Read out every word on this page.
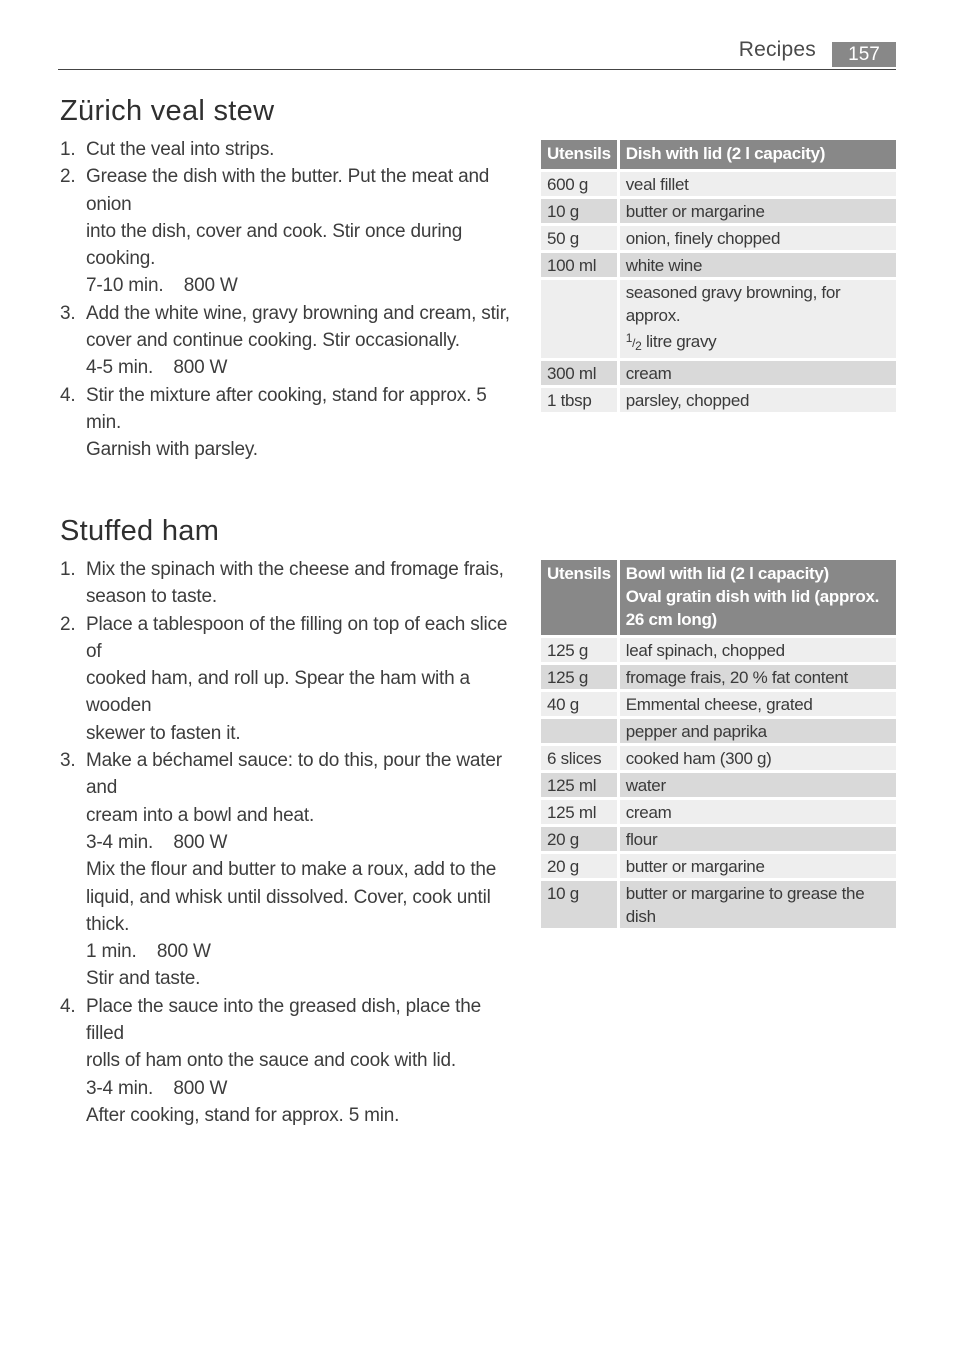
Recipes	157
Zürich veal stew
1. Cut the veal into strips.
2. Grease the dish with the butter. Put the meat and onion
into the dish, cover and cook. Stir once during cooking.
7-10 min.    800 W
3. Add the white wine, gravy browning and cream, stir,
cover and continue cooking. Stir occasionally.
4-5 min.    800 W
4. Stir the mixture after cooking, stand for approx. 5 min.
Garnish with parsley.
Utensils	Dish with lid (2 l capacity)

600 g	veal fillet
10 g	butter or margarine
50 g	onion, finely chopped
100 ml	white wine

	seasoned gravy browning, for approx.
$^1$/2 litre gravy

300 ml	cream
1 tbsp	parsley, chopped
Stuffed ham
1. Mix the spinach with the cheese and fromage frais,
season to taste.
2. Place a tablespoon of the filling on top of each slice of
cooked ham, and roll up. Spear the ham with a wooden
skewer to fasten it.
3. Make a béchamel sauce: to do this, pour the water and
cream into a bowl and heat.
3-4 min.    800 W
Mix the flour and butter to make a roux, add to the
liquid, and whisk until dissolved. Cover, cook until thick.
1 min.    800 W
Stir and taste.
4. Place the sauce into the greased dish, place the filled
rolls of ham onto the sauce and cook with lid.
3-4 min.    800 W
After cooking, stand for approx. 5 min.
Utensils	Bowl with lid (2 l capacity)
Oval gratin dish with lid (approx.
26 cm long)

125 g	leaf spinach, chopped
125 g	fromage frais, 20 % fat content
40 g	Emmental cheese, grated
	pepper and paprika
6 slices	cooked ham (300 g)
125 ml	water
125 ml	cream
20 g	flour
20 g	butter or margarine
10 g	butter or margarine to grease the dish
